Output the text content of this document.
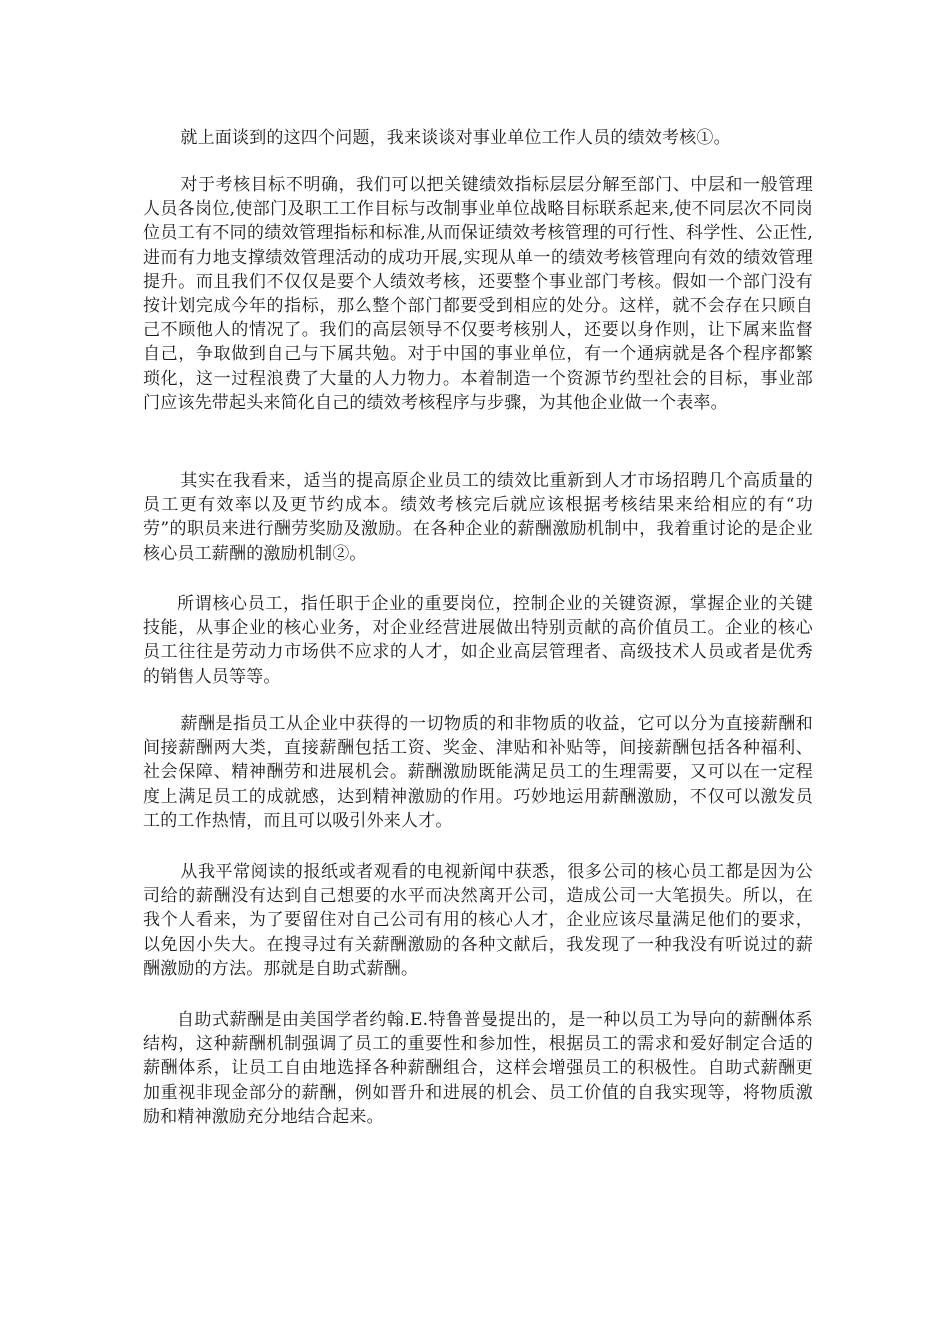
就上面谈到的这四个问题，我来谈谈对事业单位工作人员的绩效考核①。

对于考核目标不明确，我们可以把关键绩效指标层层分解至部门、中层和一般管理人员各岗位,使部门及职工工作目标与改制事业单位战略目标联系起来,使不同层次不同岗位员工有不同的绩效管理指标和标准,从而保证绩效考核管理的可行性、科学性、公正性,进而有力地支撑绩效管理活动的成功开展,实现从单一的绩效考核管理向有效的绩效管理提升。而且我们不仅仅是要个人绩效考核，还要整个事业部门考核。假如一个部门没有按计划完成今年的指标，那么整个部门都要受到相应的处分。这样，就不会存在只顾自己不顾他人的情况了。我们的高层领导不仅要考核别人，还要以身作则，让下属来监督自己，争取做到自己与下属共勉。对于中国的事业单位，有一个通病就是各个程序都繁琐化，这一过程浪费了大量的人力物力。本着制造一个资源节约型社会的目标，事业部门应该先带起头来简化自己的绩效考核程序与步骤，为其他企业做一个表率。

其实在我看来，适当的提高原企业员工的绩效比重新到人才市场招聘几个高质量的员工更有效率以及更节约成本。绩效考核完后就应该根据考核结果来给相应的有“功劳”的职员来进行酬劳奖励及激励。在各种企业的薪酬激励机制中，我着重讨论的是企业核心员工薪酬的激励机制②。

所谓核心员工，指任职于企业的重要岗位，控制企业的关键资源，掌握企业的关键技能，从事企业的核心业务，对企业经营进展做出特别贡献的高价值员工。企业的核心员工往往是劳动力市场供不应求的人才，如企业高层管理者、高级技术人员或者是优秀的销售人员等等。

薪酬是指员工从企业中获得的一切物质的和非物质的收益，它可以分为直接薪酬和间接薪酬两大类，直接薪酬包括工资、奖金、津贴和补贴等，间接薪酬包括各种福利、社会保障、精神酬劳和进展机会。薪酬激励既能满足员工的生理需要，又可以在一定程度上满足员工的成就感，达到精神激励的作用。巧妙地运用薪酬激励，不仅可以激发员工的工作热情，而且可以吸引外来人才。

从我平常阅读的报纸或者观看的电视新闻中获悉，很多公司的核心员工都是因为公司给的薪酬没有达到自己想要的水平而决然离开公司，造成公司一大笔损失。所以，在我个人看来，为了要留住对自己公司有用的核心人才，企业应该尽量满足他们的要求，以免因小失大。在搜寻过有关薪酬激励的各种文献后，我发现了一种我没有听说过的薪酬激励的方法。那就是自助式薪酬。

自助式薪酬是由美国学者约翰.E.特鲁普曼提出的，是一种以员工为导向的薪酬体系结构，这种薪酬机制强调了员工的重要性和参加性，根据员工的需求和爱好制定合适的薪酬体系，让员工自由地选择各种薪酬组合，这样会增强员工的积极性。自助式薪酬更加重视非现金部分的薪酬，例如晋升和进展的机会、员工价值的自我实现等，将物质激励和精神激励充分地结合起来。
